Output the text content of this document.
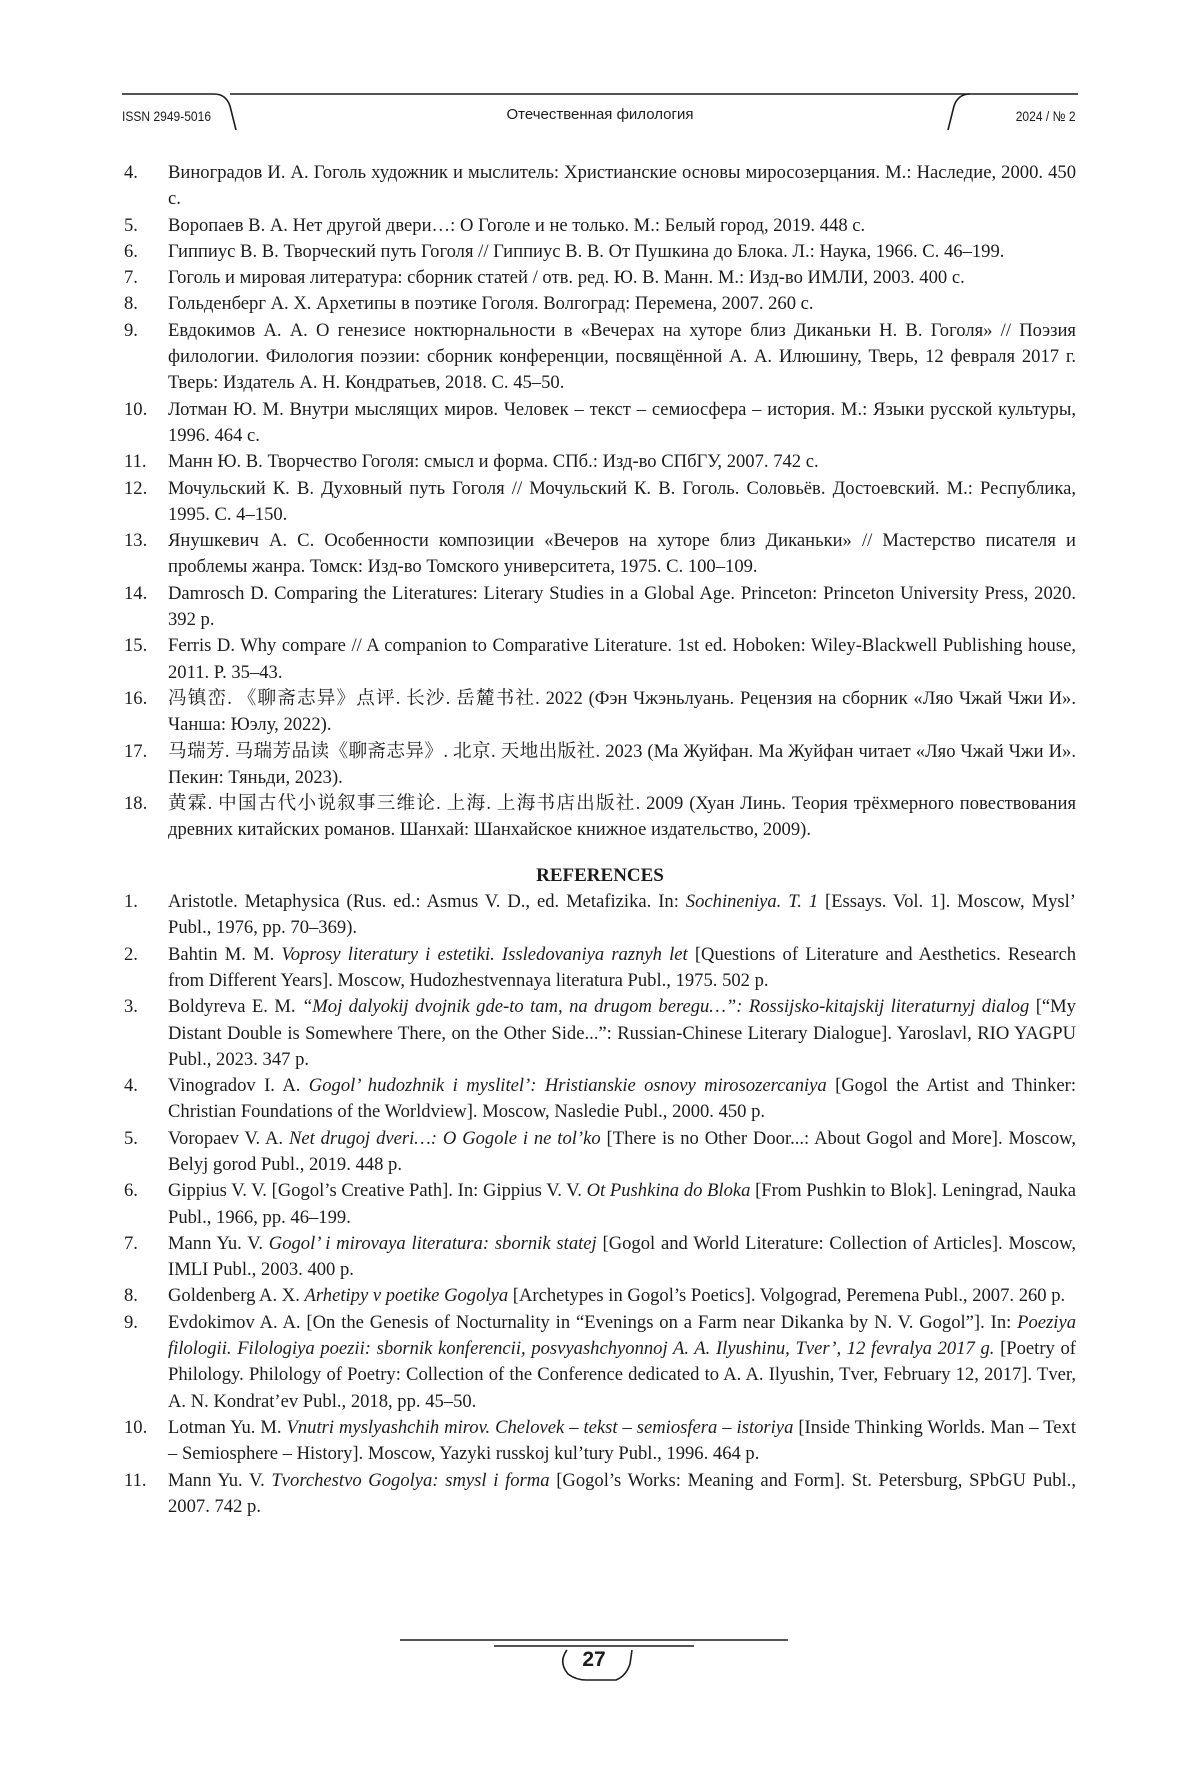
ISSN 2949-5016	Отечественная филология	2024 / № 2
4. Виноградов И. А. Гоголь художник и мыслитель: Христианские основы миросозерцания. М.: Наследие, 2000. 450 с.
5. Воропаев В. А. Нет другой двери…: О Гоголе и не только. М.: Белый город, 2019. 448 с.
6. Гиппиус В. В. Творческий путь Гоголя // Гиппиус В. В. От Пушкина до Блока. Л.: Наука, 1966. С. 46–199.
7. Гоголь и мировая литература: сборник статей / отв. ред. Ю. В. Манн. М.: Изд-во ИМЛИ, 2003. 400 с.
8. Гольденберг А. Х. Архетипы в поэтике Гоголя. Волгоград: Перемена, 2007. 260 с.
9. Евдокимов А. А. О генезисе ноктюрнальности в «Вечерах на хуторе близ Диканьки Н. В. Гоголя» // Поэзия филологии. Филология поэзии: сборник конференции, посвящённой А. А. Илюшину, Тверь, 12 февраля 2017 г. Тверь: Издатель А. Н. Кондратьев, 2018. С. 45–50.
10. Лотман Ю. М. Внутри мыслящих миров. Человек – текст – семиосфера – история. М.: Языки русской культуры, 1996. 464 с.
11. Манн Ю. В. Творчество Гоголя: смысл и форма. СПб.: Изд-во СПбГУ, 2007. 742 с.
12. Мочульский К. В. Духовный путь Гоголя // Мочульский К. В. Гоголь. Соловьёв. Достоевский. М.: Республика, 1995. С. 4–150.
13. Янушкевич А. С. Особенности композиции «Вечеров на хуторе близ Диканьки» // Мастерство писателя и проблемы жанра. Томск: Изд-во Томского университета, 1975. С. 100–109.
14. Damrosch D. Comparing the Literatures: Literary Studies in a Global Age. Princeton: Princeton University Press, 2020. 392 p.
15. Ferris D. Why compare // A companion to Comparative Literature. 1st ed. Hoboken: Wiley-Blackwell Publishing house, 2011. P. 35–43.
16. 冯镇峦. 《聊斋志异》点评. 长沙. 岳麓书社. 2022 (Фэн Чжэньлуань. Рецензия на сборник «Ляо Чжай Чжи И». Чанша: Юэлу, 2022).
17. 马瑞芳. 马瑞芳品读《聊斋志异》. 北京. 天地出版社. 2023 (Ма Жуйфан. Ма Жуйфан читает «Ляо Чжай Чжи И». Пекин: Тяньди, 2023).
18. 黄霖. 中国古代小说叙事三维论. 上海. 上海书店出版社. 2009 (Хуан Линь. Теория трёхмерного повествования древних китайских романов. Шанхай: Шанхайское книжное издательство, 2009).
REFERENCES
1. Aristotle. Metaphysica (Rus. ed.: Asmus V. D., ed. Metafizika. In: Sochineniya. T. 1 [Essays. Vol. 1]. Moscow, Mysl’ Publ., 1976, pp. 70–369).
2. Bahtin M. M. Voprosy literatury i estetiki. Issledovaniya raznyh let [Questions of Literature and Aesthetics. Research from Different Years]. Moscow, Hudozhestvennaya literatura Publ., 1975. 502 p.
3. Boldyreva E. M. “Moj dalyokij dvojnik gde-to tam, na drugom beregu…”: Rossijsko-kitajskij literaturnyj dialog [“My Distant Double is Somewhere There, on the Other Side...”: Russian-Chinese Literary Dialogue]. Yaroslavl, RIO YAGPU Publ., 2023. 347 p.
4. Vinogradov I. A. Gogol’ hudozhnik i myslitel’: Hristianskie osnovy mirosozercaniya [Gogol the Artist and Thinker: Christian Foundations of the Worldview]. Moscow, Nasledie Publ., 2000. 450 p.
5. Voropaev V. A. Net drugoj dveri…: O Gogole i ne tol’ko [There is no Other Door...: About Gogol and More]. Moscow, Belyj gorod Publ., 2019. 448 p.
6. Gippius V. V. [Gogol’s Creative Path]. In: Gippius V. V. Ot Pushkina do Bloka [From Pushkin to Blok]. Leningrad, Nauka Publ., 1966, pp. 46–199.
7. Mann Yu. V. Gogol’ i mirovaya literatura: sbornik statej [Gogol and World Literature: Collection of Articles]. Moscow, IMLI Publ., 2003. 400 p.
8. Goldenberg A. X. Arhetipy v poetike Gogolya [Archetypes in Gogol’s Poetics]. Volgograd, Peremena Publ., 2007. 260 p.
9. Evdokimov A. A. [On the Genesis of Nocturnality in “Evenings on a Farm near Dikanka by N. V. Gogol”]. In: Poeziya filologii. Filologiya poezii: sbornik konferencii, posvyashchyonnoj A. A. Ilyushinu, Tver’, 12 fevralya 2017 g. [Poetry of Philology. Philology of Poetry: Collection of the Conference dedicated to A. A. Ilyushin, Tver, February 12, 2017]. Tver, A. N. Kondrat’ev Publ., 2018, pp. 45–50.
10. Lotman Yu. M. Vnutri myslyashchih mirov. Chelovek – tekst – semiosfera – istoriya [Inside Thinking Worlds. Man – Text – Semiosphere – History]. Moscow, Yazyki russkoj kul’tury Publ., 1996. 464 p.
11. Mann Yu. V. Tvorchestvo Gogolya: smysl i forma [Gogol’s Works: Meaning and Form]. St. Petersburg, SPbGU Publ., 2007. 742 p.
27
